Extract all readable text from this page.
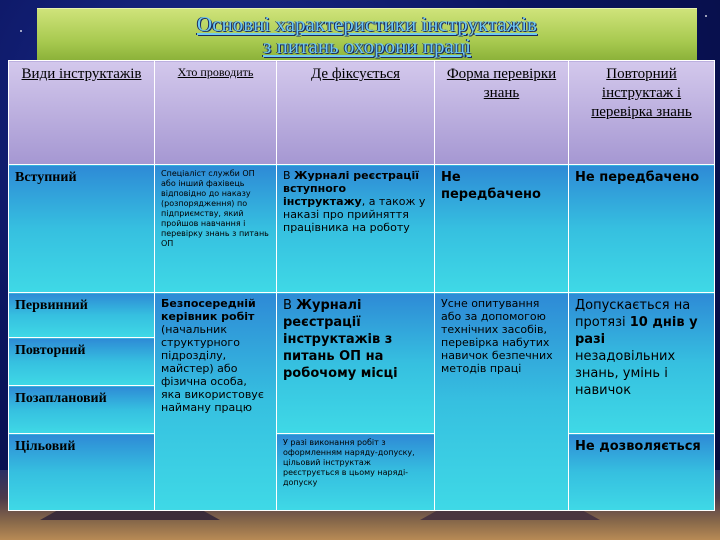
Основні характеристики інструктажів
з питань охорони праці
Види інструктажів	Хто проводить	Де фіксується	Форма перевірки знань	Повторний інструктаж і перевірка знань
Вступний	Спеціаліст служби ОП або інший фахівець відповідно до наказу (розпорядження) по підприємству, який пройшов навчання і перевірку знань з питань ОП	В Журналі реєстрації вступного інструктажу, а також у наказі про прийняття працівника на роботу	Не передбачено	Не передбачено
Первинний	Безпосередній керівник робіт (начальник структурного підрозділу, майстер) або фізична особа, яка використовує найману працю	В Журналі реєстрації інструктажів з питань ОП на робочому місці	Усне опитування або за допомогою технічних засобів, перевірка набутих навичок безпечних методів праці	Допускається на протязі 10 днів у разі незадовільних знань, умінь і навичок
Повторний				
Позаплановий				
Цільовий		У разі виконання робіт з оформленням наряду-допуску, цільовий інструктаж реєструється в цьому наряді-допуску		Не дозволяється
